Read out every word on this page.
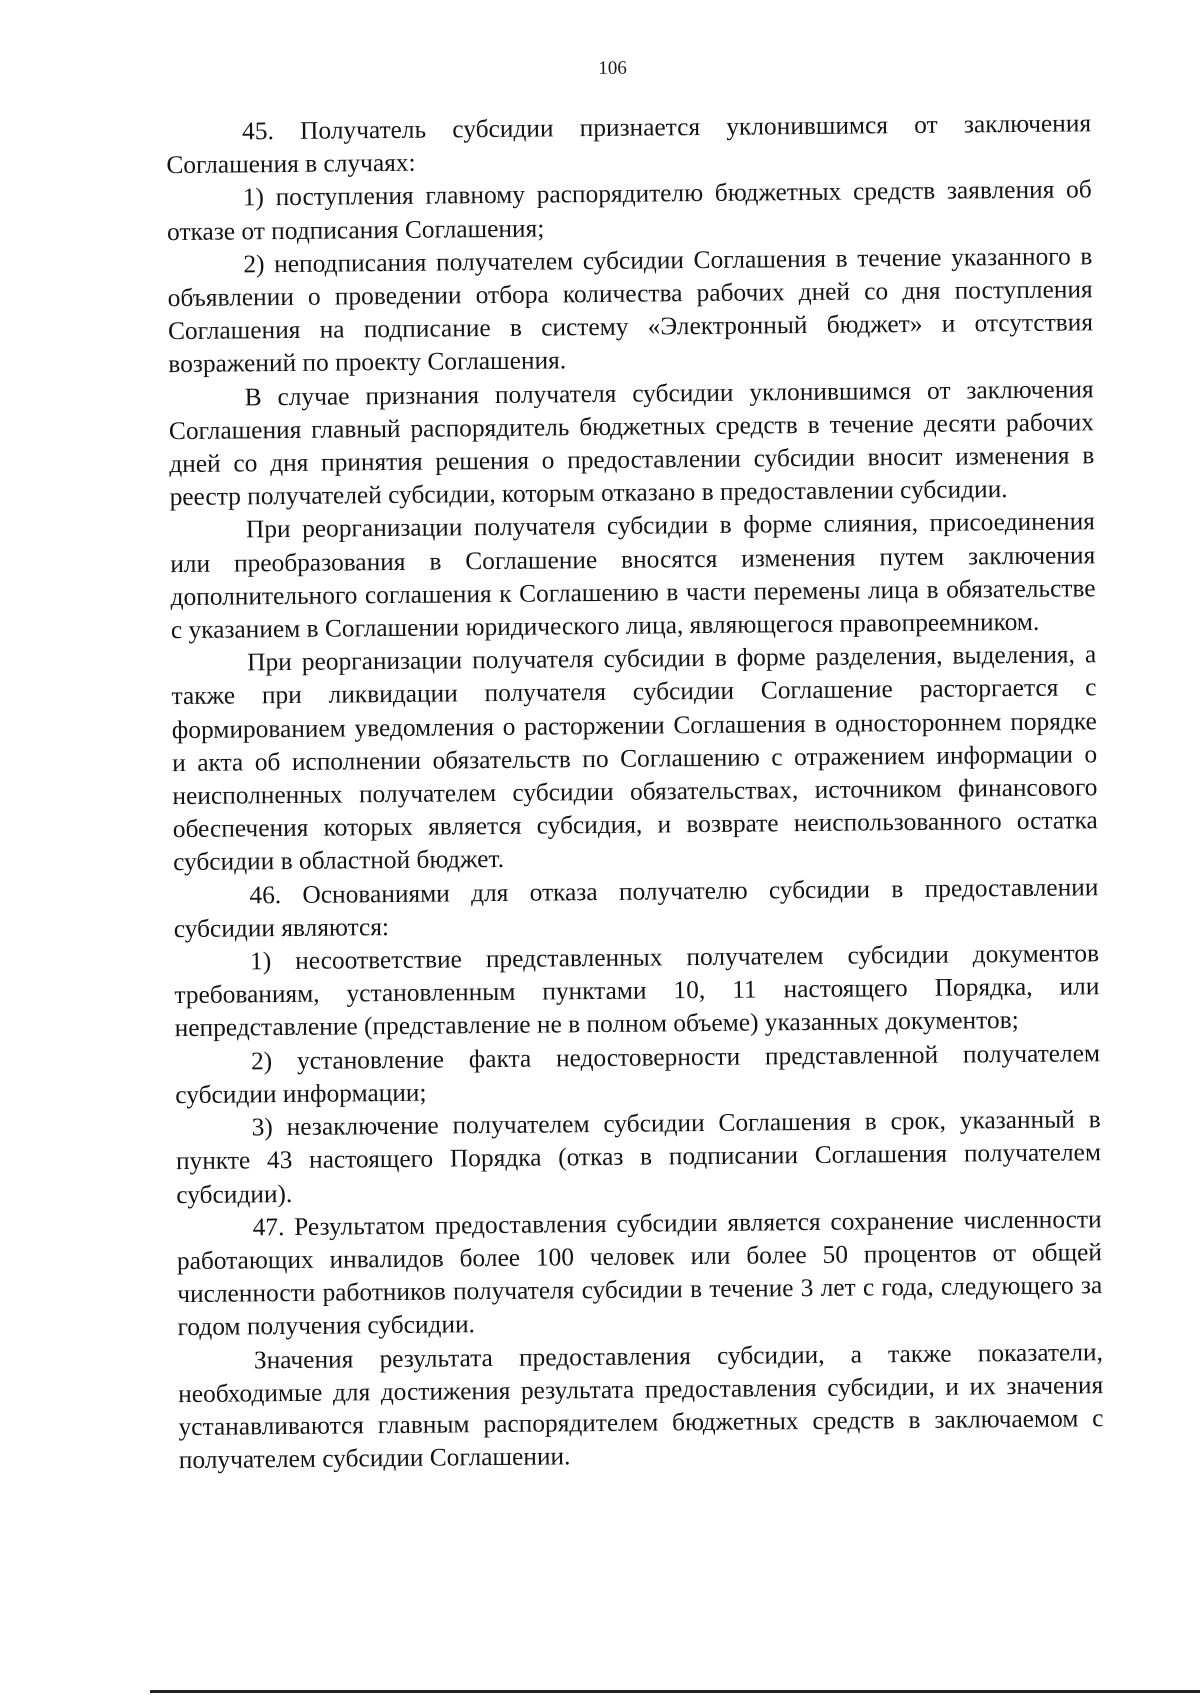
106

45. Получатель субсидии признается уклонившимся от заключения Соглашения в случаях:

1) поступления главному распорядителю бюджетных средств заявления об отказе от подписания Соглашения;

2) неподписания получателем субсидии Соглашения в течение указанного в объявлении о проведении отбора количества рабочих дней со дня поступления Соглашения на подписание в систему «Электронный бюджет» и отсутствия возражений по проекту Соглашения.

В случае признания получателя субсидии уклонившимся от заключения Соглашения главный распорядитель бюджетных средств в течение десяти рабочих дней со дня принятия решения о предоставлении субсидии вносит изменения в реестр получателей субсидии, которым отказано в предоставлении субсидии.

При реорганизации получателя субсидии в форме слияния, присоединения или преобразования в Соглашение вносятся изменения путем заключения дополнительного соглашения к Соглашению в части перемены лица в обязательстве с указанием в Соглашении юридического лица, являющегося правопреемником.

При реорганизации получателя субсидии в форме разделения, выделения, а также при ликвидации получателя субсидии Соглашение расторгается с формированием уведомления о расторжении Соглашения в одностороннем порядке и акта об исполнении обязательств по Соглашению с отражением информации о неисполненных получателем субсидии обязательствах, источником финансового обеспечения которых является субсидия, и возврате неиспользованного остатка субсидии в областной бюджет.

46. Основаниями для отказа получателю субсидии в предоставлении субсидии являются:

1) несоответствие представленных получателем субсидии документов требованиям, установленным пунктами 10, 11 настоящего Порядка, или непредставление (представление не в полном объеме) указанных документов;

2) установление факта недостоверности представленной получателем субсидии информации;

3) незаключение получателем субсидии Соглашения в срок, указанный в пункте 43 настоящего Порядка (отказ в подписании Соглашения получателем субсидии).

47. Результатом предоставления субсидии является сохранение численности работающих инвалидов более 100 человек или более 50 процентов от общей численности работников получателя субсидии в течение 3 лет с года, следующего за годом получения субсидии.

Значения результата предоставления субсидии, а также показатели, необходимые для достижения результата предоставления субсидии, и их значения устанавливаются главным распорядителем бюджетных средств в заключаемом с получателем субсидии Соглашении.
